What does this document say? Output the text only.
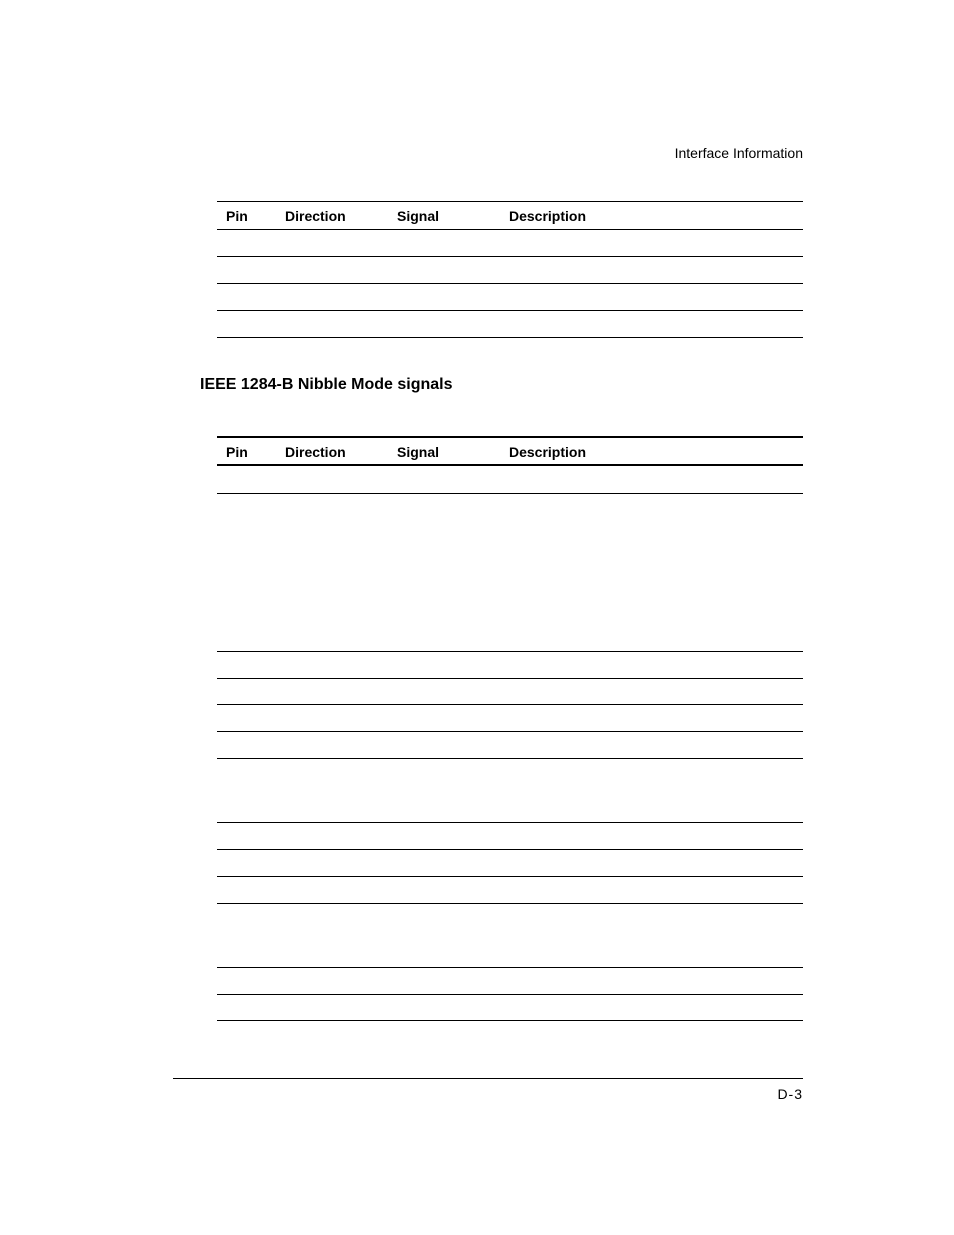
Interface Information
Pin	Direction	Signal	Description
IEEE 1284-B Nibble Mode signals
Pin	Direction	Signal	Description
D-3
